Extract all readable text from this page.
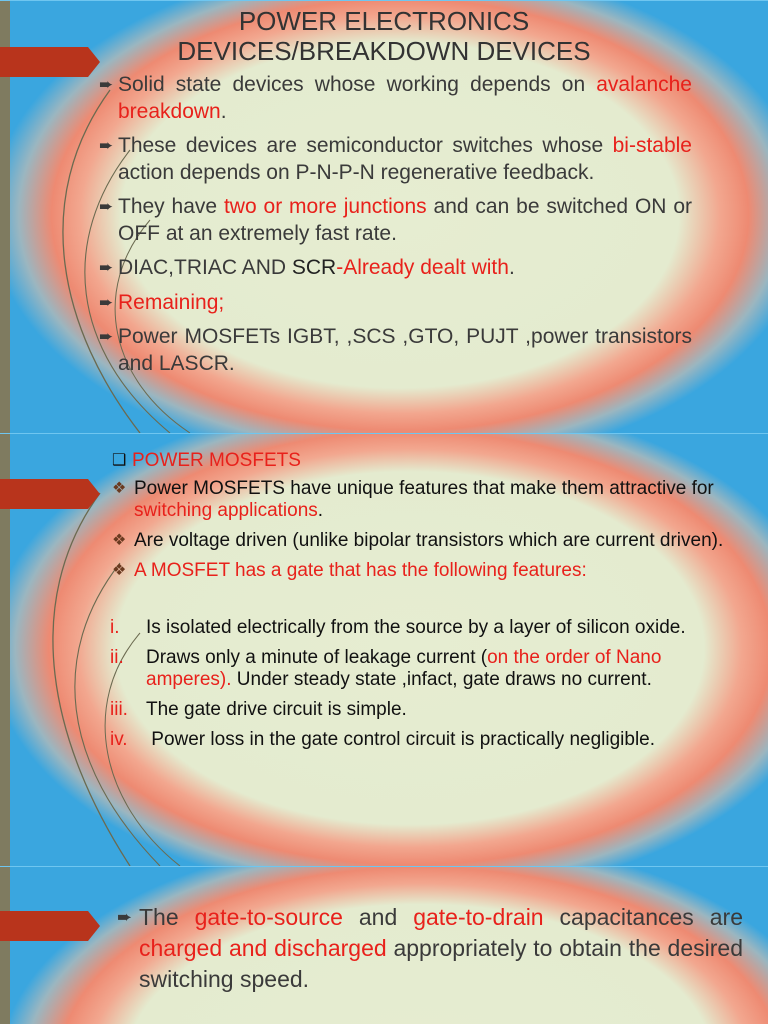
POWER ELECTRONICS
DEVICES/BREAKDOWN DEVICES
➨ Solid state devices whose working depends on avalanche breakdown.
➨ These devices are semiconductor switches whose bi-stable action depends on P-N-P-N regenerative feedback.
➨ They have two or more junctions and can be switched ON or OFF at an extremely fast rate.
➨ DIAC,TRIAC AND SCR-Already dealt with.
➨ Remaining;
➨ Power MOSFETs IGBT, ,SCS ,GTO, PUJT ,power transistors and LASCR.
❑ POWER MOSFETS
❖ Power MOSFETS have unique features that make them attractive for switching applications.
❖ Are voltage driven (unlike bipolar transistors which are current driven).
❖ A MOSFET has a gate that has the following features:
i.	Is isolated electrically from the source by a layer of silicon oxide.
ii.	Draws only a minute of leakage current (on the order of Nano amperes). Under steady state ,infact, gate draws no current.
iii. The gate drive circuit is simple.
iv. Power loss in the gate control circuit is practically negligible.
➨ The gate-to-source and gate-to-drain capacitances are charged and discharged appropriately to obtain the desired switching speed.
